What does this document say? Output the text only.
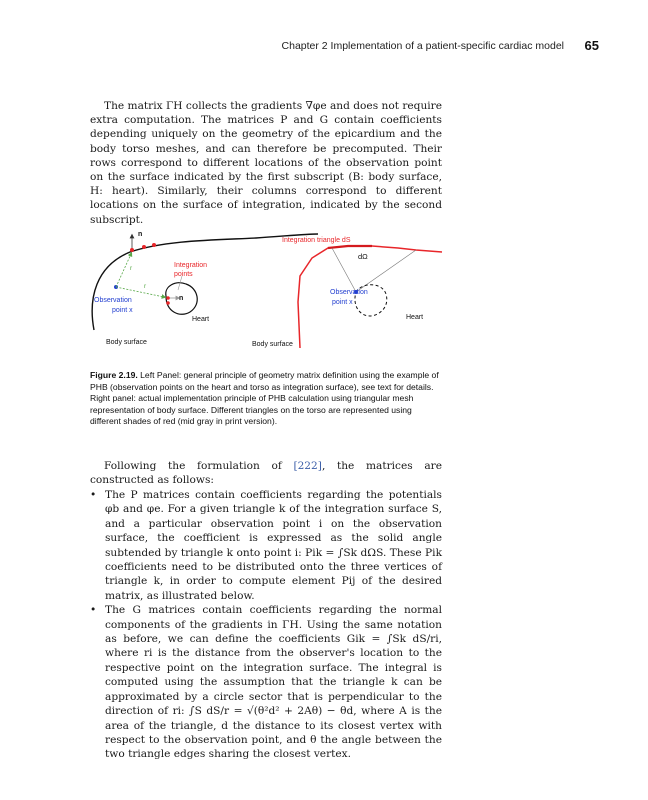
Chapter 2 Implementation of a patient-specific cardiac model 65

The matrix ΓH collects the gradients ∇φe and does not require extra computation. The matrices P and G contain coefficients depending uniquely on the geometry of the epicardium and the body torso meshes, and can therefore be precomputed. Their rows correspond to different locations of the observation point on the surface indicated by the first subscript (B: body surface, H: heart). Similarly, their columns correspond to different locations on the surface of integration, indicated by the second subscript.

n
n
r
r
Integration points
Observation point x
Heart
Body surface
Integration triangle dS
dΩ
Observation point x
Heart
Body surface
Figure 2.19. Left Panel: general principle of geometry matrix definition using the example of PHB (observation points on the heart and torso as integration surface), see text for details. Right panel: actual implementation principle of PHB calculation using triangular mesh representation of body surface. Different triangles on the torso are represented using different shades of red (mid gray in print version).

Following the formulation of [222], the matrices are constructed as follows:

• The P matrices contain coefficients regarding the potentials φb and φe. For a given triangle k of the integration surface S, and a particular observation point i on the observation surface, the coefficient is expressed as the solid angle subtended by triangle k onto point i: Pik = ∫Sk dΩS. These Pik coefficients need to be distributed onto the three vertices of triangle k, in order to compute element Pij of the desired matrix, as illustrated below.
• The G matrices contain coefficients regarding the normal components of the gradients in ΓH. Using the same notation as before, we can define the coefficients Gik = ∫Sk dS/ri, where ri is the distance from the observer's location to the respective point on the integration surface. The integral is computed using the assumption that the triangle k can be approximated by a circle sector that is perpendicular to the direction of ri: ∫S dS/r = √(θ²d² + 2Aθ) − θd, where A is the area of the triangle, d the distance to its closest vertex with respect to the observation point, and θ the angle between the two triangle edges sharing the closest vertex.
